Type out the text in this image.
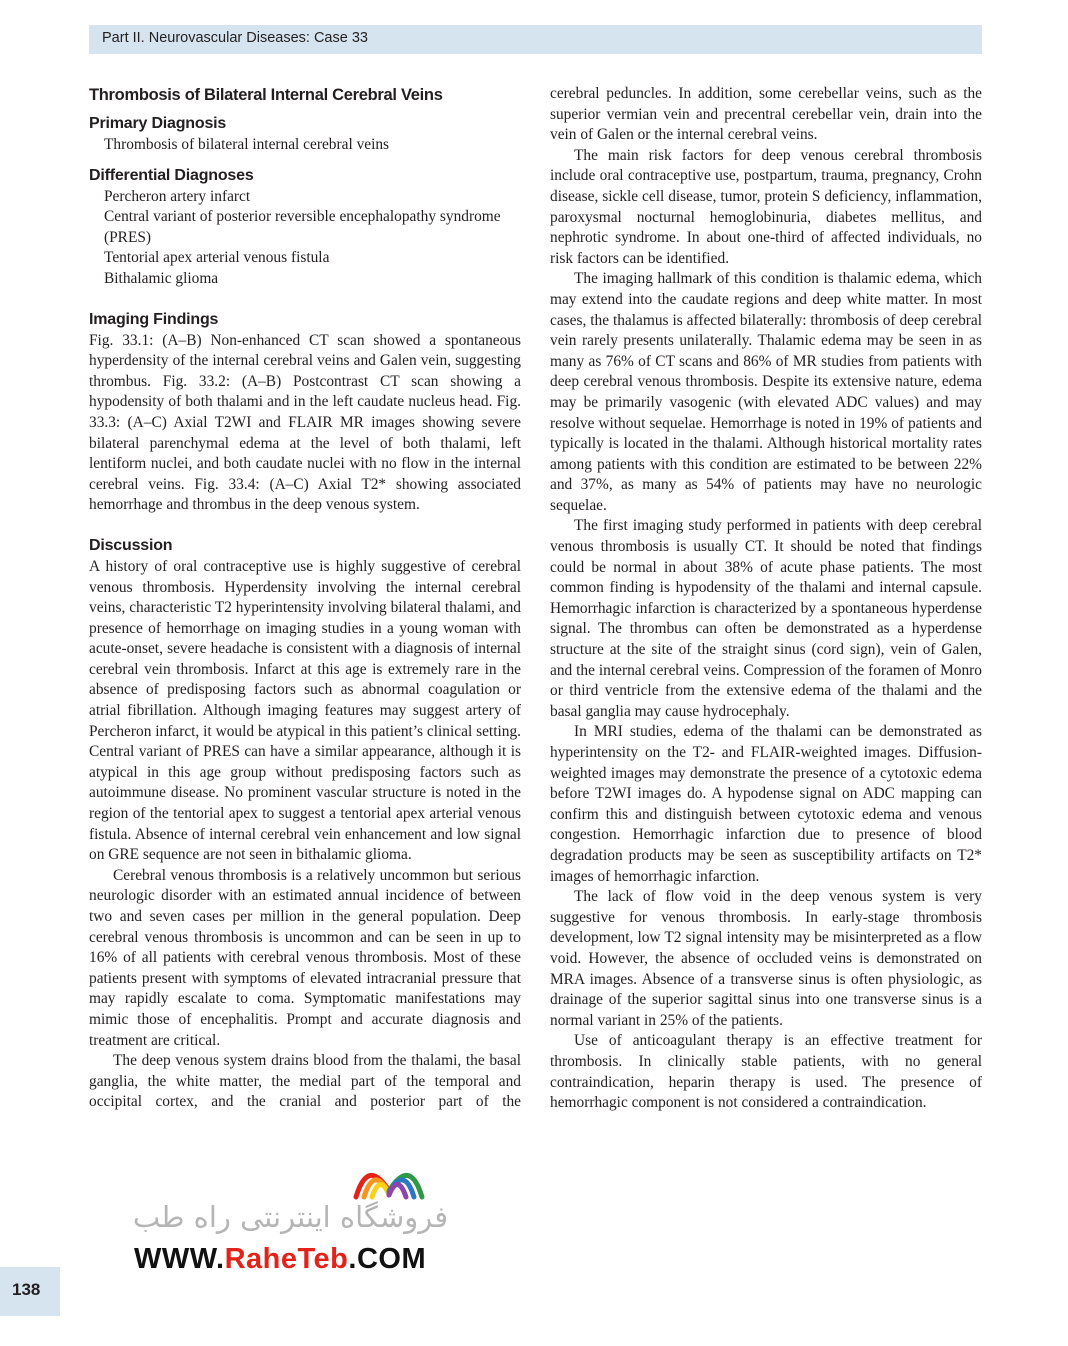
Part II. Neurovascular Diseases: Case 33
Thrombosis of Bilateral Internal Cerebral Veins
Primary Diagnosis

Thrombosis of bilateral internal cerebral veins

Differential Diagnoses

Percheron artery infarct

Central variant of posterior reversible encephalopathy syndrome (PRES)

Tentorial apex arterial venous fistula

Bithalamic glioma

Imaging Findings

Fig. 33.1: (A–B) Non-enhanced CT scan showed a spontaneous hyperdensity of the internal cerebral veins and Galen vein, suggesting thrombus. Fig. 33.2: (A–B) Postcontrast CT scan showing a hypodensity of both thalami and in the left caudate nucleus head. Fig. 33.3: (A–C) Axial T2WI and FLAIR MR images showing severe bilateral parenchymal edema at the level of both thalami, left lentiform nuclei, and both caudate nuclei with no flow in the internal cerebral veins. Fig. 33.4: (A–C) Axial T2* showing associated hemorrhage and thrombus in the deep venous system.

Discussion

A history of oral contraceptive use is highly suggestive of cerebral venous thrombosis. Hyperdensity involving the internal cerebral veins, characteristic T2 hyperintensity involving bilateral thalami, and presence of hemorrhage on imaging studies in a young woman with acute-onset, severe headache is consistent with a diagnosis of internal cerebral vein thrombosis. Infarct at this age is extremely rare in the absence of predisposing factors such as abnormal coagulation or atrial fibrillation. Although imaging features may suggest artery of Percheron infarct, it would be atypical in this patient’s clinical setting. Central variant of PRES can have a similar appearance, although it is atypical in this age group without predisposing factors such as autoimmune disease. No prominent vascular structure is noted in the region of the tentorial apex to suggest a tentorial apex arterial venous fistula. Absence of internal cerebral vein enhancement and low signal on GRE sequence are not seen in bithalamic glioma.

Cerebral venous thrombosis is a relatively uncommon but serious neurologic disorder with an estimated annual incidence of between two and seven cases per million in the general population. Deep cerebral venous thrombosis is uncommon and can be seen in up to 16% of all patients with cerebral venous thrombosis. Most of these patients present with symptoms of elevated intracranial pressure that may rapidly escalate to coma. Symptomatic manifestations may mimic those of encephalitis. Prompt and accurate diagnosis and treatment are critical.

The deep venous system drains blood from the thalami, the basal ganglia, the white matter, the medial part of the temporal and occipital cortex, and the cranial and posterior part of the

cerebral peduncles. In addition, some cerebellar veins, such as the superior vermian vein and precentral cerebellar vein, drain into the vein of Galen or the internal cerebral veins.

The main risk factors for deep venous cerebral thrombosis include oral contraceptive use, postpartum, trauma, pregnancy, Crohn disease, sickle cell disease, tumor, protein S deficiency, inflammation, paroxysmal nocturnal hemoglobinuria, diabetes mellitus, and nephrotic syndrome. In about one-third of affected individuals, no risk factors can be identified.

The imaging hallmark of this condition is thalamic edema, which may extend into the caudate regions and deep white matter. In most cases, the thalamus is affected bilaterally: thrombosis of deep cerebral vein rarely presents unilaterally. Thalamic edema may be seen in as many as 76% of CT scans and 86% of MR studies from patients with deep cerebral venous thrombosis. Despite its extensive nature, edema may be primarily vasogenic (with elevated ADC values) and may resolve without sequelae. Hemorrhage is noted in 19% of patients and typically is located in the thalami. Although historical mortality rates among patients with this condition are estimated to be between 22% and 37%, as many as 54% of patients may have no neurologic sequelae.

The first imaging study performed in patients with deep cerebral venous thrombosis is usually CT. It should be noted that findings could be normal in about 38% of acute phase patients. The most common finding is hypodensity of the thalami and internal capsule. Hemorrhagic infarction is characterized by a spontaneous hyperdense signal. The thrombus can often be demonstrated as a hyperdense structure at the site of the straight sinus (cord sign), vein of Galen, and the internal cerebral veins. Compression of the foramen of Monro or third ventricle from the extensive edema of the thalami and the basal ganglia may cause hydrocephaly.

In MRI studies, edema of the thalami can be demonstrated as hyperintensity on the T2- and FLAIR-weighted images. Diffusion-weighted images may demonstrate the presence of a cytotoxic edema before T2WI images do. A hypodense signal on ADC mapping can confirm this and distinguish between cytotoxic edema and venous congestion. Hemorrhagic infarction due to presence of blood degradation products may be seen as susceptibility artifacts on T2* images of hemorrhagic infarction.

The lack of flow void in the deep venous system is very suggestive for venous thrombosis. In early-stage thrombosis development, low T2 signal intensity may be misinterpreted as a flow void. However, the absence of occluded veins is demonstrated on MRA images. Absence of a transverse sinus is often physiologic, as drainage of the superior sagittal sinus into one transverse sinus is a normal variant in 25% of the patients.

Use of anticoagulant therapy is an effective treatment for thrombosis. In clinically stable patients, with no general contraindication, heparin therapy is used. The presence of hemorrhagic component is not considered a contraindication.

فروشگاه اینترنتی راه طب
WWW.RaheTeb.COM
138
